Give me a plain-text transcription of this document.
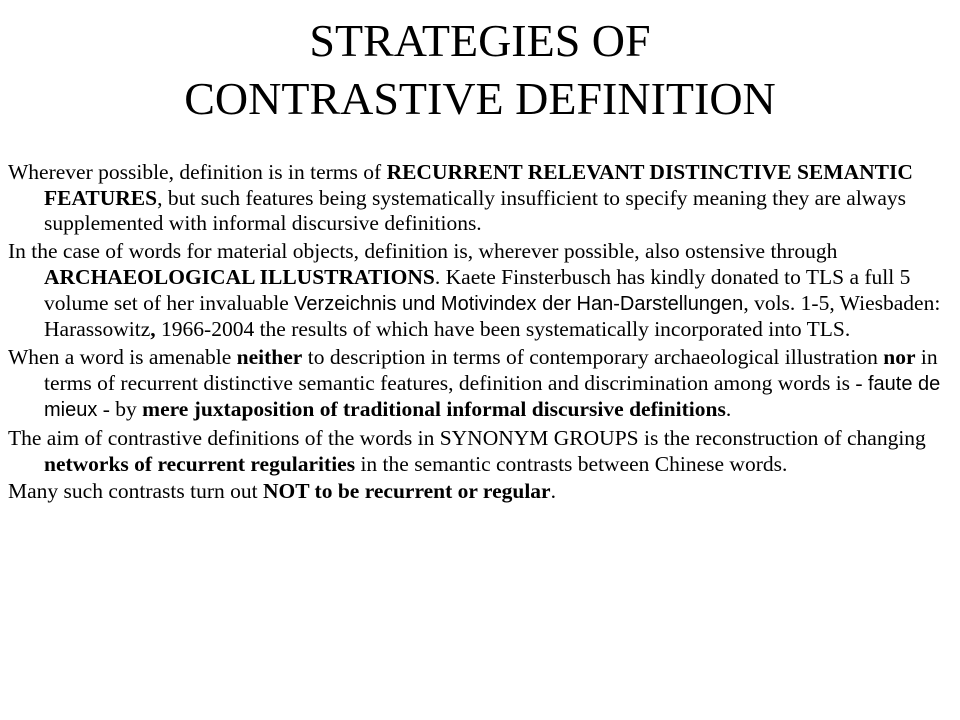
STRATEGIES OF
CONTRASTIVE DEFINITION

Wherever possible, definition is in terms of RECURRENT RELEVANT DISTINCTIVE SEMANTIC FEATURES, but such features being systematically insufficient to specify meaning they are always supplemented with informal discursive definitions.

In the case of words for material objects, definition is, wherever possible, also ostensive through ARCHAEOLOGICAL ILLUSTRATIONS. Kaete Finsterbusch has kindly donated to TLS a full 5 volume set of her invaluable Verzeichnis und Motivindex der Han-Darstellungen, vols. 1-5, Wiesbaden: Harassowitz, 1966-2004 the results of which have been systematically incorporated into TLS.

When a word is amenable neither to description in terms of contemporary archaeological illustration nor in terms of recurrent distinctive semantic features, definition and discrimination among words is - faute de mieux - by mere juxtaposition of traditional informal discursive definitions.

The aim of contrastive definitions of the words in SYNONYM GROUPS is the reconstruction of changing networks of recurrent regularities in the semantic contrasts between Chinese words.

Many such contrasts turn out NOT to be recurrent or regular.
